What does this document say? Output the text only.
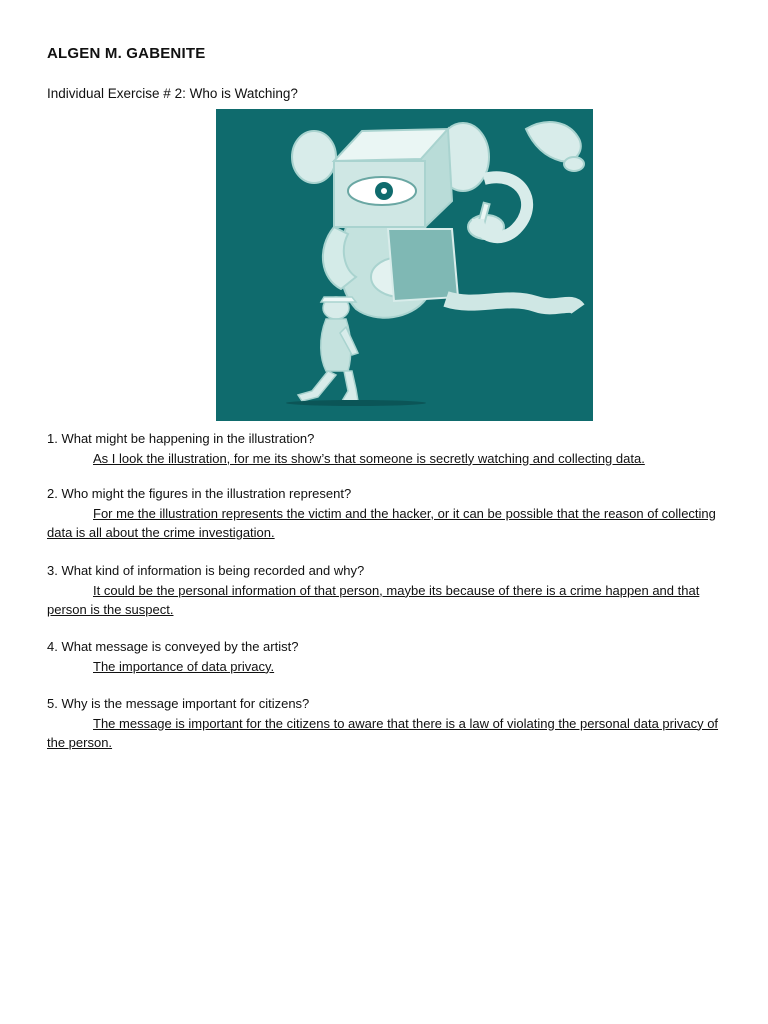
ALGEN M. GABENITE
Individual Exercise # 2: Who is Watching?

1. What might be happening in the illustration?

As I look the illustration, for me its show’s that someone is secretly watching and collecting data.

2. Who might the figures in the illustration represent?

For me the illustration represents the victim and the hacker, or it can be possible that the reason of collecting data is all about the crime investigation.

3. What kind of information is being recorded and why?

It could be the personal information of that person, maybe its because of there is a crime happen and that person is the suspect.

4. What message is conveyed by the artist?

The importance of data privacy.

5. Why is the message important for citizens?

The message is important for the citizens to aware that there is a law of violating the personal data privacy of the person.
